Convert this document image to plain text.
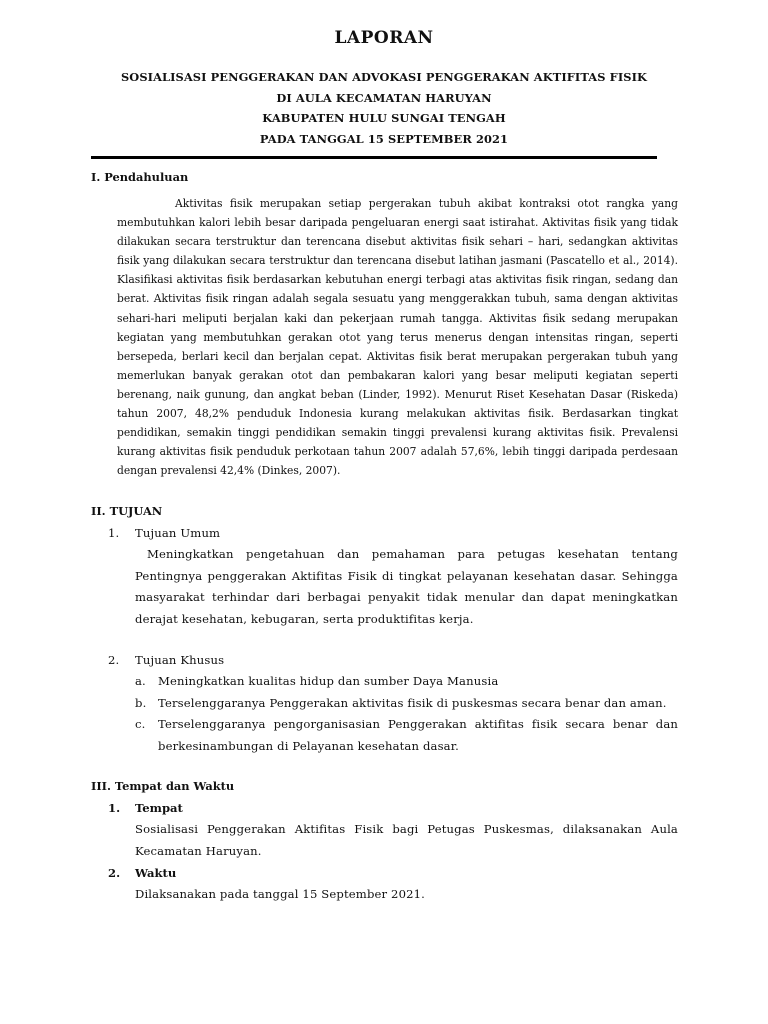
LAPORAN
SOSIALISASI PENGGERAKAN DAN ADVOKASI PENGGERAKAN AKTIFITAS FISIK
DI AULA KECAMATAN HARUYAN
KABUPATEN HULU SUNGAI TENGAH
PADA TANGGAL 15 SEPTEMBER 2021

I. Pendahuluan

Aktivitas fisik merupakan setiap pergerakan tubuh akibat kontraksi otot rangka yang membutuhkan kalori lebih besar daripada pengeluaran energi saat istirahat. Aktivitas fisik yang tidak dilakukan secara terstruktur dan terencana disebut aktivitas fisik sehari – hari, sedangkan aktivitas fisik yang dilakukan secara terstruktur dan terencana disebut latihan jasmani (Pascatello et al., 2014). Klasifikasi aktivitas fisik berdasarkan kebutuhan energi terbagi atas aktivitas fisik ringan, sedang dan berat. Aktivitas fisik ringan adalah segala sesuatu yang menggerakkan tubuh, sama dengan aktivitas sehari-hari meliputi berjalan kaki dan pekerjaan rumah tangga. Aktivitas fisik sedang merupakan kegiatan yang membutuhkan gerakan otot yang terus menerus dengan intensitas ringan, seperti bersepeda, berlari kecil dan berjalan cepat. Aktivitas fisik berat merupakan pergerakan tubuh yang memerlukan banyak gerakan otot dan pembakaran kalori yang besar meliputi kegiatan seperti berenang, naik gunung, dan angkat beban (Linder, 1992). Menurut Riset Kesehatan Dasar (Riskeda) tahun 2007, 48,2% penduduk Indonesia kurang melakukan aktivitas fisik. Berdasarkan tingkat pendidikan, semakin tinggi pendidikan semakin tinggi prevalensi kurang aktivitas fisik. Prevalensi kurang aktivitas fisik penduduk perkotaan tahun 2007 adalah 57,6%, lebih tinggi daripada perdesaan dengan prevalensi 42,4% (Dinkes, 2007).

II. TUJUAN

1.	Tujuan Umum

Meningkatkan pengetahuan dan pemahaman para petugas kesehatan tentang Pentingnya penggerakan Aktifitas Fisik di tingkat pelayanan kesehatan dasar. Sehingga masyarakat terhindar dari berbagai penyakit tidak menular dan dapat meningkatkan derajat kesehatan, kebugaran, serta produktifitas kerja.

2.	Tujuan Khusus
a.	Meningkatkan kualitas hidup dan sumber Daya Manusia
b. Terselenggaranya Penggerakan aktivitas fisik di puskesmas secara benar dan aman.
c.	Terselenggaranya pengorganisasian Penggerakan aktifitas fisik secara benar dan berkesinambungan di Pelayanan kesehatan dasar.

III. Tempat dan Waktu

1.	Tempat

Sosialisasi Penggerakan Aktifitas Fisik bagi Petugas Puskesmas, dilaksanakan Aula Kecamatan Haruyan.

2.	Waktu

Dilaksanakan pada tanggal 15 September 2021.
